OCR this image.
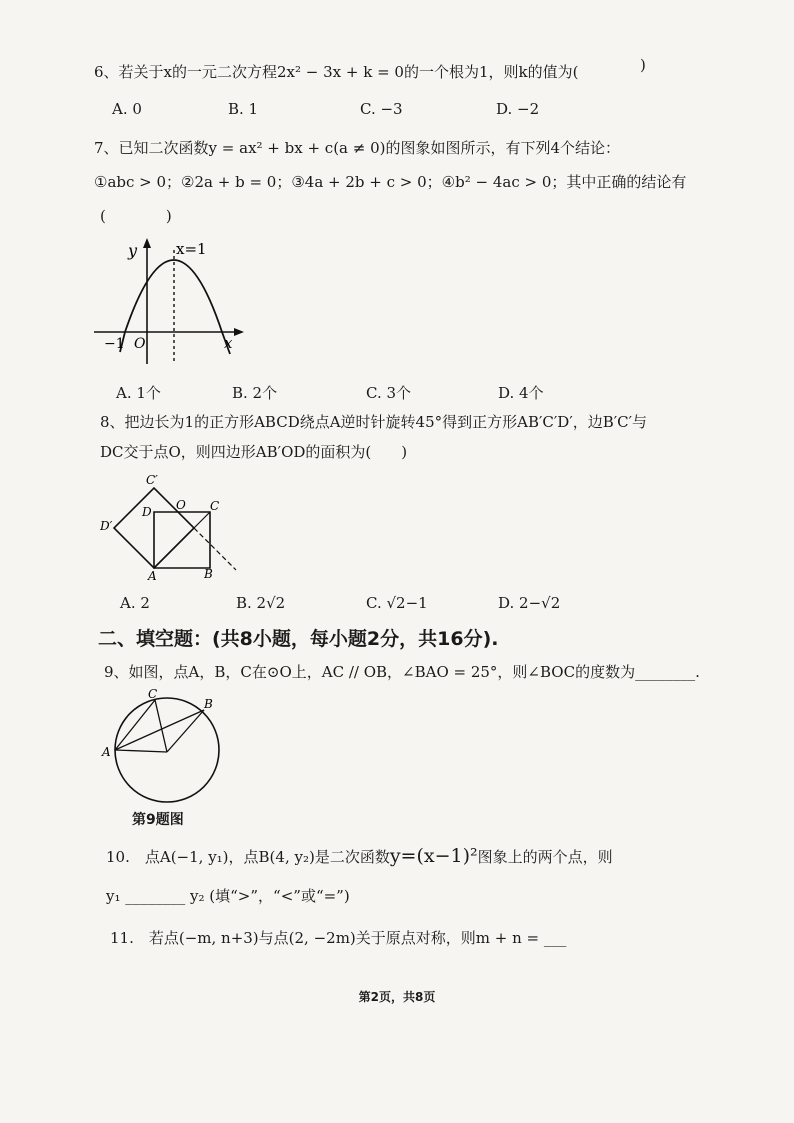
6、若关于x的一元二次方程2x² − 3x + k = 0的一个根为1，则k的值为(	)
A. 0	B. 1	C. −3	D. −2
7、已知二次函数y = ax² + bx + c(a ≠ 0)的图象如图所示，有下列4个结论：
①abc > 0；②2a + b = 0；③4a + 2b + c > 0；④b² − 4ac > 0；其中正确的结论有
(　　　　)
x=1
y
x
−1 O
A. 1个	B. 2个	C. 3个	D. 4个
8、把边长为1的正方形ABCD绕点A逆时针旋转45°得到正方形AB′C′D′，边B′C′与
DC交于点O，则四边形AB′OD的面积为(　　)
C′
D O C
D′
A	B
A. 2	B. 2√2	C. √2−1	D. 2−√2
二、填空题：(共8小题，每小题2分，共16分).
9、如图，点A，B，C在⊙O上，AC // OB，∠BAO = 25°，则∠BOC的度数为________.
C
B
A
第9题图
10.　点A(−1, y₁)，点B(4, y₂)是二次函数y=(x−1)²图象上的两个点，则
y₁ ________ y₂ (填“>”，“<”或“=”)
11.　若点(−m, n+3)与点(2, −2m)关于原点对称，则m + n = ___
第2页，共8页
